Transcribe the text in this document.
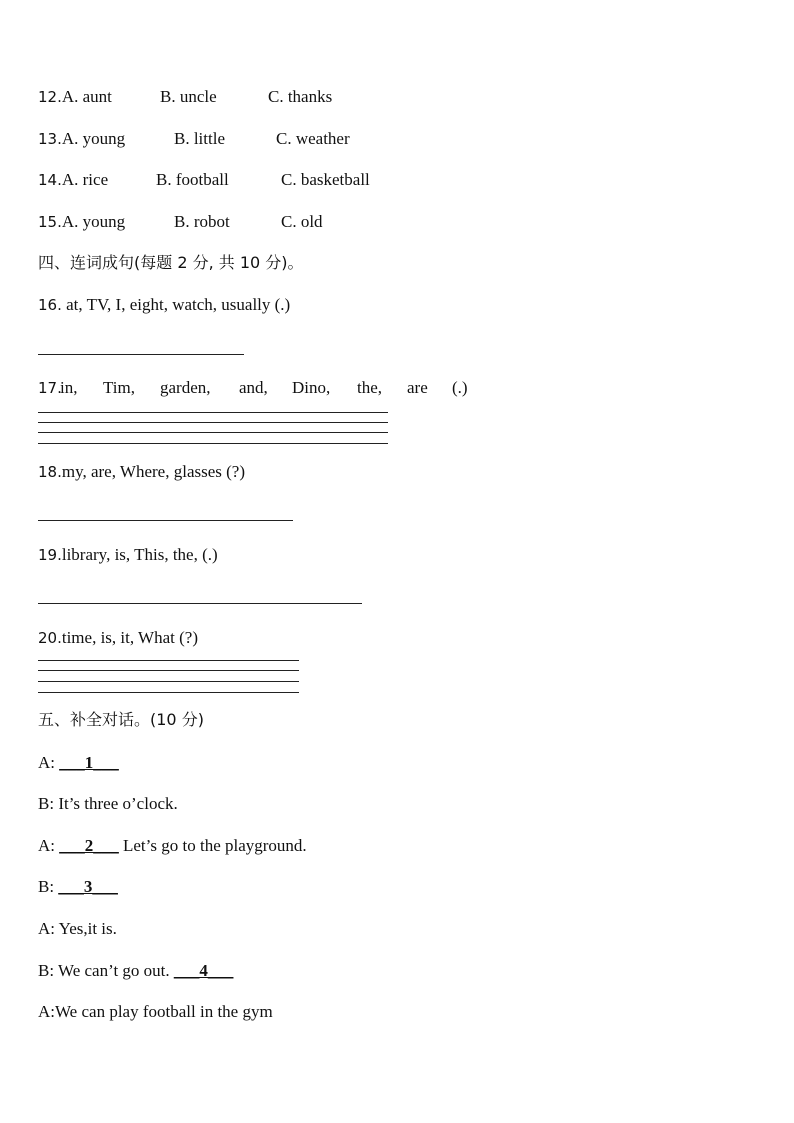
12.A. aunt	B. uncle	C. thanks
13.A. young	B. little	C. weather
14.A. rice	B. football	C. basketball
15.A. young	B. robot	C. old
四、连词成句(每题 2 分, 共 10 分)。
16. at, TV, I, eight, watch, usually (.)
17.
in, Tim, garden, and, Dino, the, are (.)
18.my, are, Where, glasses (?)
19.library, is, This, the, (.)
20.time, is, it, What (?)
五、补全对话。(10 分)
A: ___1___
B: It’s three o’clock.
A: ___2___ Let’s go to the playground.
B: ___3___
A: Yes,it is.
B: We can’t go out. ___4___
A:We can play football in the gym
